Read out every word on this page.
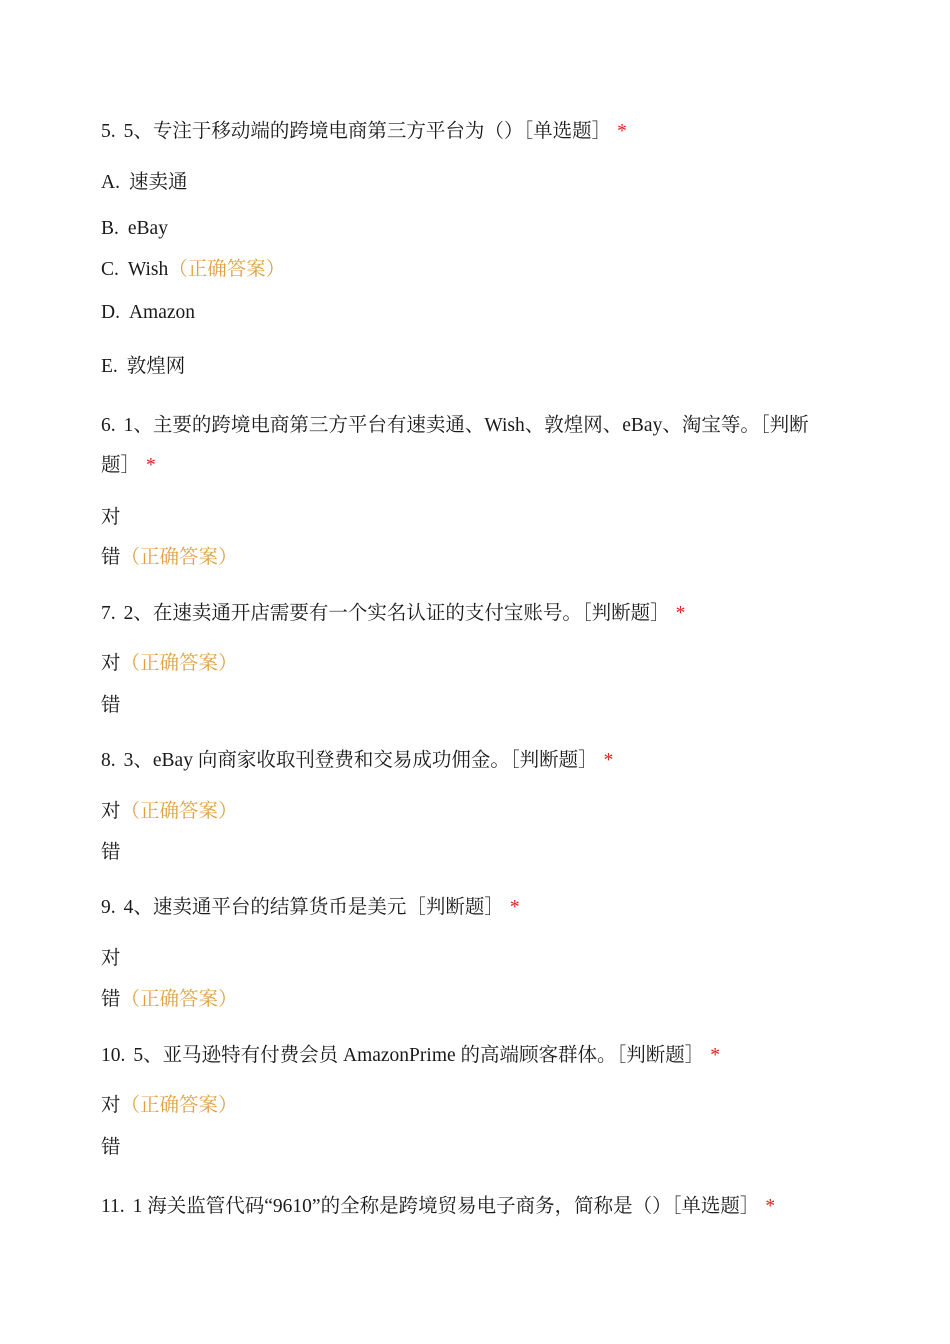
5. 5、专注于移动端的跨境电商第三方平台为（）［单选题］ *
A. 速卖通
B. eBay
C. Wish（正确答案）
D. Amazon
E. 敦煌网
6. 1、主要的跨境电商第三方平台有速卖通、Wish、敦煌网、eBay、淘宝等。［判断题］ *
对
错（正确答案）
7. 2、在速卖通开店需要有一个实名认证的支付宝账号。［判断题］ *
对（正确答案）
错
8. 3、eBay 向商家收取刊登费和交易成功佣金。［判断题］ *
对（正确答案）
错
9. 4、速卖通平台的结算货币是美元［判断题］ *
对
错（正确答案）
10. 5、亚马逊特有付费会员 AmazonPrime 的高端顾客群体。［判断题］ *
对（正确答案）
错
11. 1 海关监管代码“9610”的全称是跨境贸易电子商务，简称是（）［单选题］ *
